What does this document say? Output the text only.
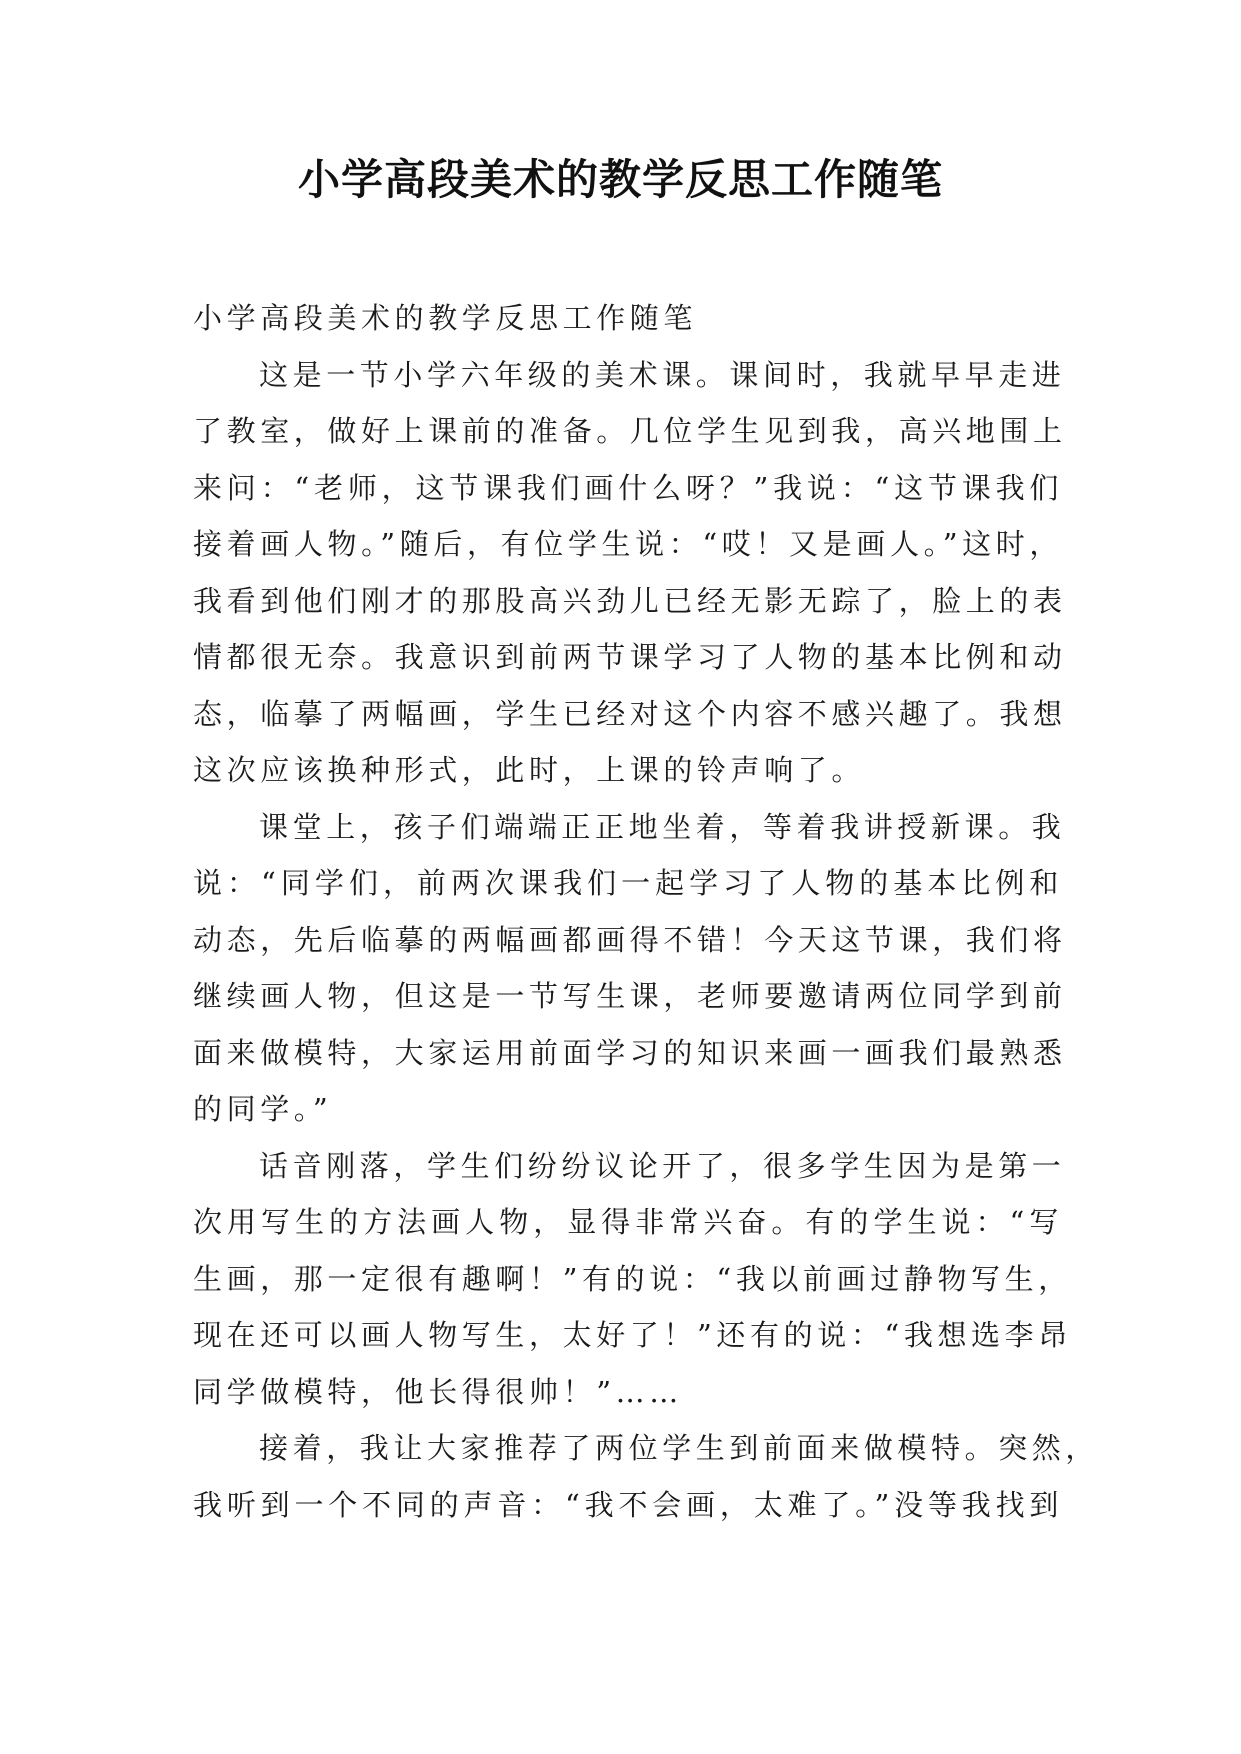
小学高段美术的教学反思工作随笔

小学高段美术的教学反思工作随笔

这是一节小学六年级的美术课。课间时，我就早早走进
了教室，做好上课前的准备。几位学生见到我，高兴地围上
来问：“老师，这节课我们画什么呀？”我说：“这节课我们
接着画人物。”随后，有位学生说：“哎！又是画人。”这时，
我看到他们刚才的那股高兴劲儿已经无影无踪了，脸上的表
情都很无奈。我意识到前两节课学习了人物的基本比例和动
态，临摹了两幅画，学生已经对这个内容不感兴趣了。我想
这次应该换种形式，此时，上课的铃声响了。
课堂上，孩子们端端正正地坐着，等着我讲授新课。我
说：“同学们，前两次课我们一起学习了人物的基本比例和
动态，先后临摹的两幅画都画得不错！今天这节课，我们将
继续画人物，但这是一节写生课，老师要邀请两位同学到前
面来做模特，大家运用前面学习的知识来画一画我们最熟悉
的同学。”
话音刚落，学生们纷纷议论开了，很多学生因为是第一
次用写生的方法画人物，显得非常兴奋。有的学生说：“写
生画，那一定很有趣啊！”有的说：“我以前画过静物写生，
现在还可以画人物写生，太好了！”还有的说：“我想选李昂
同学做模特，他长得很帅！”……
接着，我让大家推荐了两位学生到前面来做模特。突然，
我听到一个不同的声音：“我不会画，太难了。”没等我找到
